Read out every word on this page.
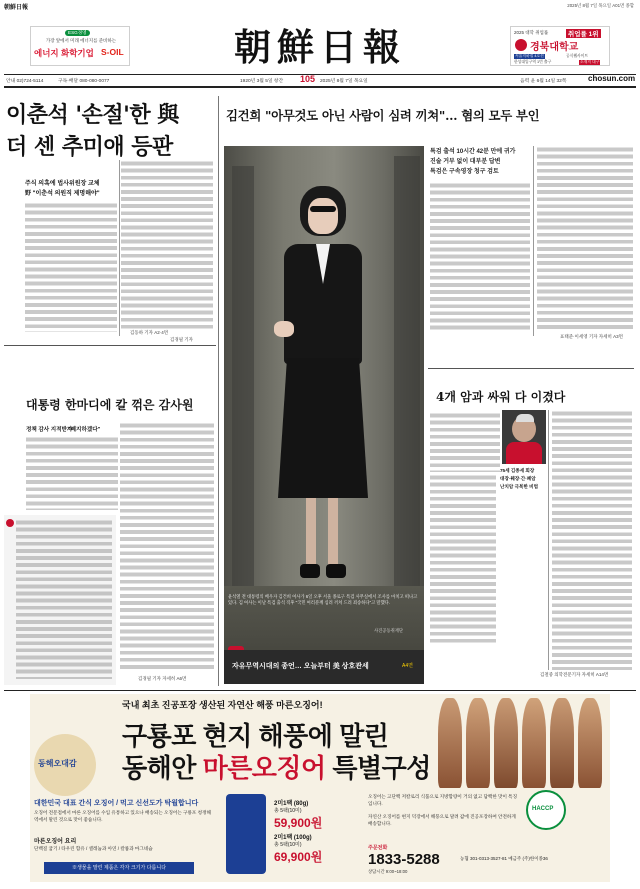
朝鮮日報	2025년 8월 7일 목요일 A01면 종합
ESG경영
가장 앞에서 미래 에너지를 준비하는
에너지 화학기업 S-OIL	朝鮮日報	2025 대학 취업률	취업률 1위
경북대학교
서울지하철 4호선
한성대입구역 1번 출구
공식웹사이트
소재지 대구
안내 02)724-5114	구독·배달 080-080-0077	1920년 3월 5일 창간 105 2025년 8월 7일 목요일	음력 윤 6월 14일 32쪽	chosun.com
이춘석 '손절'한 與
더 센 추미애 등판
주식 의혹에 법사위원장 교체
野 "이춘석 의원직 제명해야"
김동하 기자 A2·4면
김경필 기자
김건희 "아무것도 아닌 사람이 심려 끼쳐"… 혐의 모두 부인
윤석열 전 대통령의 배우자 김건희 여사가 6일 오후 서울 종로구 특검 사무실에서 조사를 마치고 떠나고 있다. 김 여사는 이날 특검 출석 직후 "국민 여러분께 심려 끼쳐 드려 죄송하다"고 말했다.
사진공동취재단
특검 출석 10시간 42분 만에 귀가
진술 거부 없이 대부분 답변
특검은 구속영장 청구 검토
표태준·이세영 기자 자세히 A3면
자유무역시대의 종언… 오늘부터 美 상호관세	A4면
대통령 한마디에 칼 꺾은 감사원
정책 감사 지적받자
"폐지하겠다"
김경필 기자 자세히 A6면
4개 암과 싸워 다 이겼다
75세 김종세 회장
대장·췌장·간·폐암
난치암 극복한 비법
김철중 의학전문기자 자세히 A14면
국내 최초 진공포장 생산된 자연산 해풍 마른오징어!
구룡포 현지 해풍에 말린
동해안 마른오징어 특별구성
동해오대감
HACCP
대한민국 대표 간식 오징어 / 먹고 신선도가 탁월합니다
오징어 전문점에서 마른 오징어를 수입 유통하고 있으나 배송되는 오징어는 구룡포 청정해역에서 말린 것으로 맛이 좋습니다.
마른오징어 요리
단백질 굽기 / 타우린 함유 / 셀레늄과 아연 / 칼륨과 마그네슘
※생물을 말린 제품은 각자 크기가 다릅니다
2미1팩 (80g)
총 5팩(10미)
59,900원
2미1팩 (100g)
총 5팩(10미)
69,900원
오징어는 고단백 저칼로리 식품으로 지방함량이 거의 없고 담백한 맛이 특징입니다.
자연산 오징어를 현지 덕장에서 해풍으로 말려 값에 진공포장하여 안전하게 배송합니다.
주문전화
1833-5288
상담시간 9:00~18:00
농협 301-0313-3527-81 예금주 (주)한이종36
